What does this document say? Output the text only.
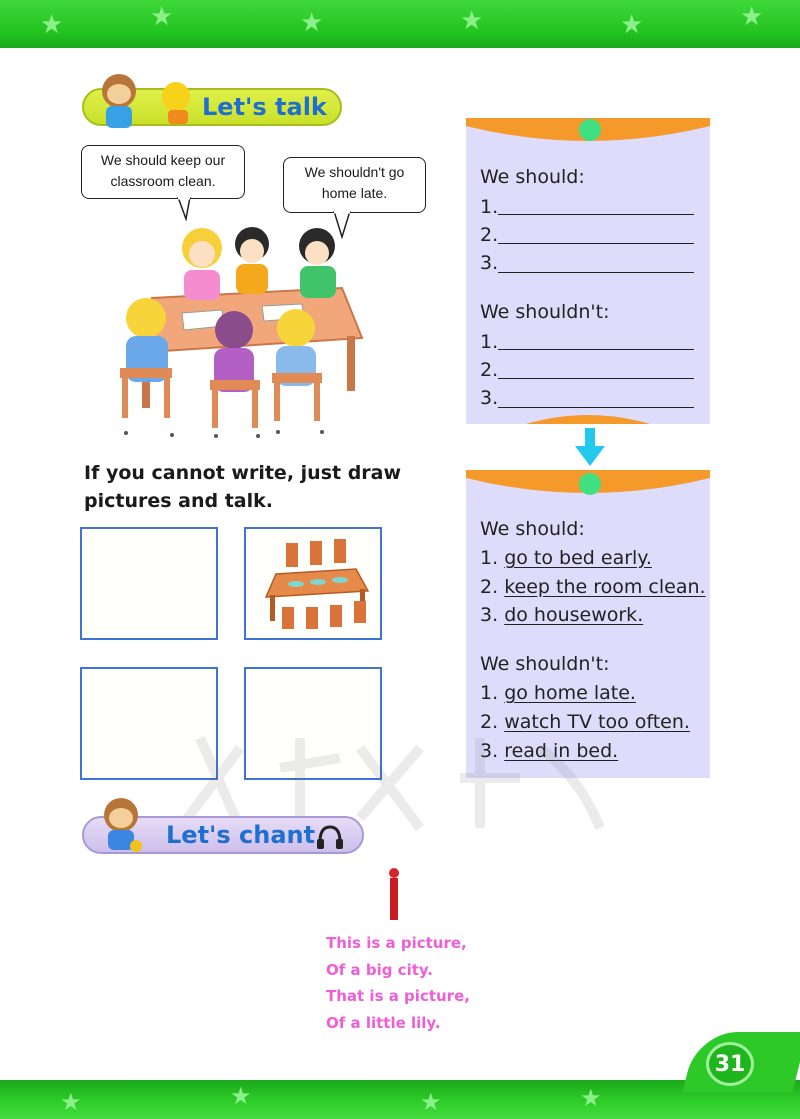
★	★	★	★	★	★
Let's talk
We should keep our classroom clean.
We shouldn't go home late.
If you cannot write, just draw pictures and talk.
We should:
1.
2.
3.
We shouldn't:
1.
2.
3.
We should:
1. go to bed early.
2. keep the room clean.
3. do housework.
We shouldn't:
1. go home late.
2. watch TV too often.
3. read in bed.
Let's chant
This is a picture,
Of a big city.
That is a picture,
Of a little lily.
★	★	★	★
31
